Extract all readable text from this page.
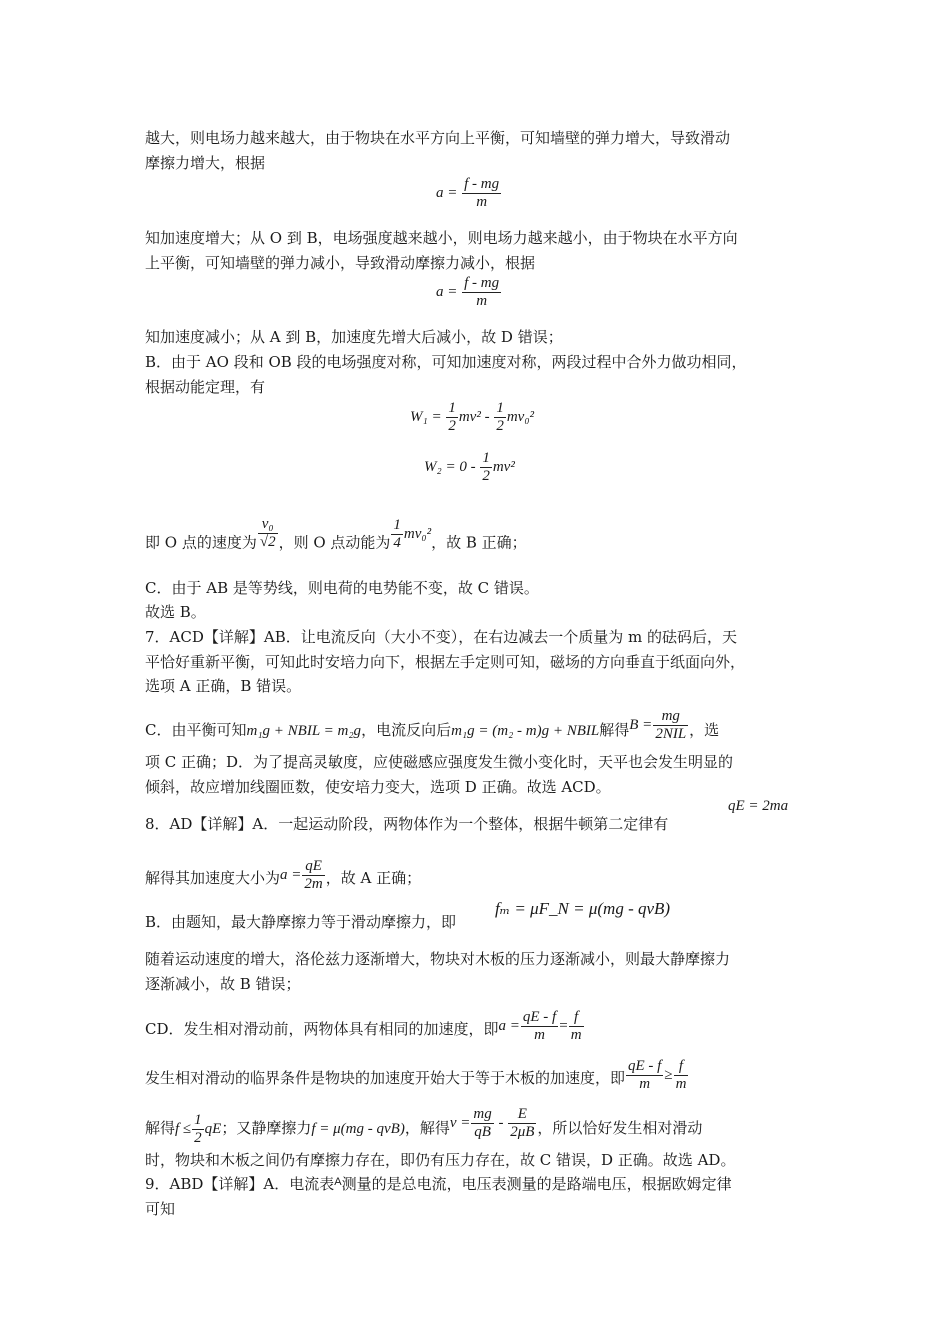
越大，则电场力越来越大，由于物块在水平方向上平衡，可知墙壁的弹力增大，导致滑动
摩擦力增大，根据
$a = \frac{f - mg}{m}$
知加速度增大；从 O 到 B，电场强度越来越小，则电场力越来越小，由于物块在水平方向
上平衡，可知墙壁的弹力减小，导致滑动摩擦力减小，根据
$a = \frac{f - mg}{m}$
知加速度减小；从 A 到 B，加速度先增大后减小，故 D 错误；
B．由于 AO 段和 OB 段的电场强度对称，可知加速度对称，两段过程中合外力做功相同，
根据动能定理，有
$W_1 = \frac{1}{2} mv^2 - \frac{1}{2} mv_0^2$
$W_2 = 0 - \frac{1}{2} mv^2$
即 O 点的速度为 $\frac{\text{v₀}}{√2}$ ，则 O 点动能为 $\frac{1}{4} mv_0^2$，故 B 正确；
C．由于 AB 是等势线，则电荷的电势能不变，故 C 错误。
故选 B。
7．ACD【详解】AB．让电流反向（大小不变），在右边减去一个质量为 m 的砝码后，天
平恰好重新平衡，可知此时安培力向下，根据左手定则可知，磁场的方向垂直于纸面向外，
选项 A 正确，B 错误。
C．由平衡可知m₁g + NBIL = m₂g，电流反向后m₁g = (m₂ - m)g + NBIL解得B =
mg
2NIL ，选
项 C 正确；D．为了提高灵敏度，应使磁感应强度发生微小变化时，天平也会发生明显的
倾斜，故应增加线圈匝数，使安培力变大，选项 D 正确。故选 ACD。
8．AD【详解】A．一起运动阶段，两物体作为一个整体，根据牛顿第二定律有
qE = 2ma
解得其加速度大小为$a = \frac{qE}{2m}$ ，故 A 正确；
B．由题知，最大静摩擦力等于滑动摩擦力，即
fₘ = μF_N = μ(mg - qvB)
随着运动速度的增大，洛伦兹力逐渐增大，物块对木板的压力逐渐减小，则最大静摩擦力
逐渐减小，故 B 错误；
CD．发生相对滑动前，两物体具有相同的加速度，即$a = \frac{qE - f}{m} = \frac{f}{m}$
发生相对滑动的临界条件是物块的加速度开始大于等于木板的加速度，即 $\frac{qE - f}{m} \ge \frac{f}{m}$
解得$f \le \frac{1}{2}$ qE；又静摩擦力f = μ(mg - qvB)，解得$v = \frac{mg}{qB} - \frac{E}{2\mu B}$ ，所以恰好发生相对滑动
时，物块和木板之间仍有摩擦力存在，即仍有压力存在，故 C 错误，D 正确。故选 AD。
9．ABD【详解】A．电流表$^A$测量的是总电流，电压表测量的是路端电压，根据欧姆定律
可知
